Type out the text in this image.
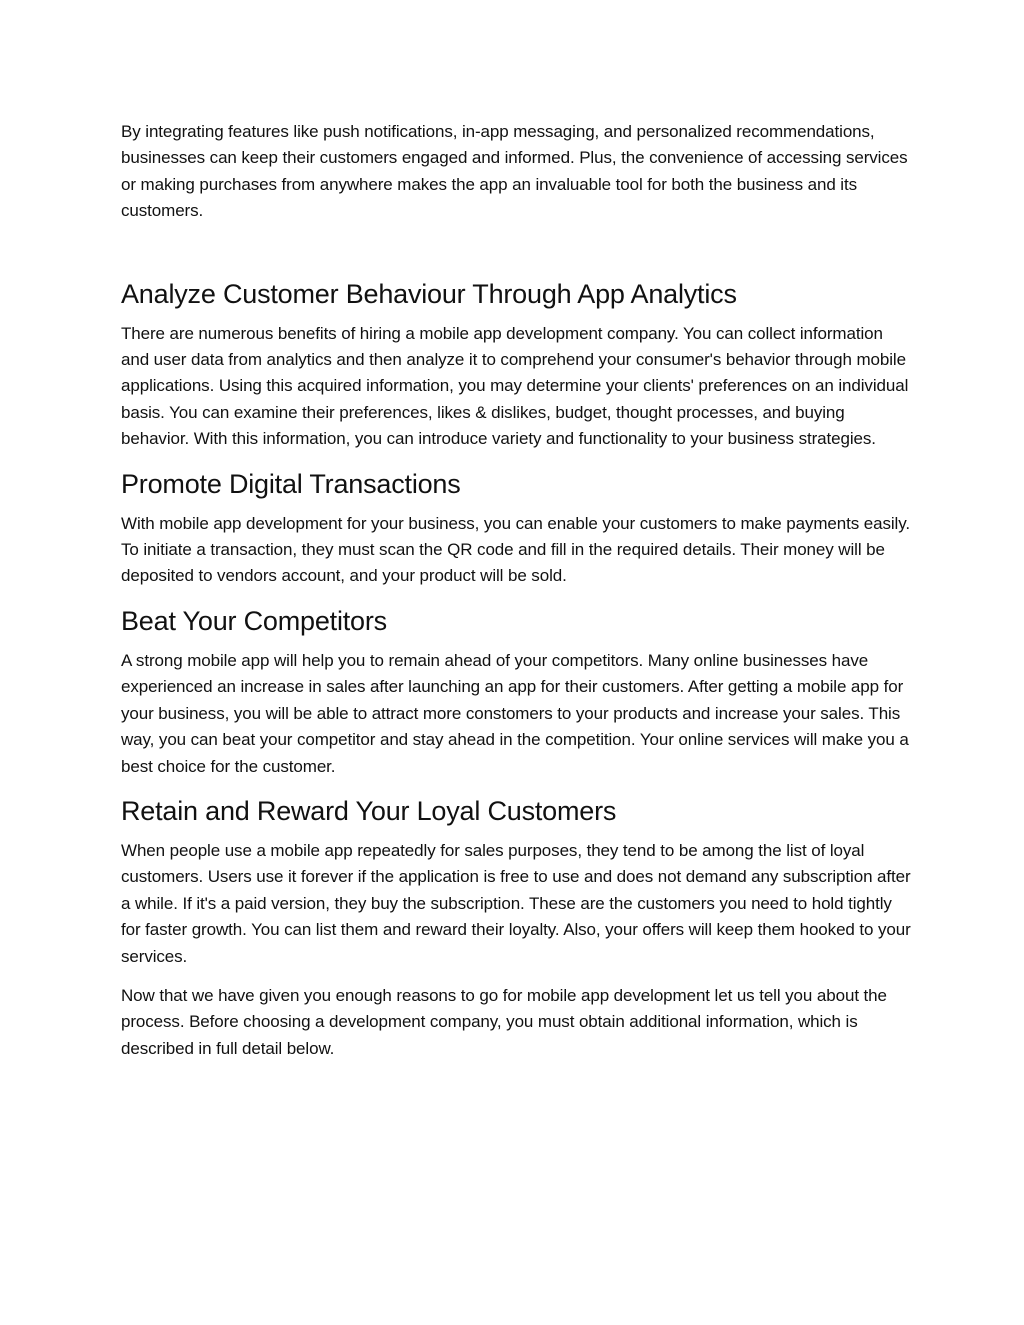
By integrating features like push notifications, in-app messaging, and personalized recommendations, businesses can keep their customers engaged and informed. Plus, the convenience of accessing services or making purchases from anywhere makes the app an invaluable tool for both the business and its customers.

Analyze Customer Behaviour Through App Analytics

There are numerous benefits of hiring a mobile app development company. You can collect information and user data from analytics and then analyze it to comprehend your consumer's behavior through mobile applications. Using this acquired information, you may determine your clients' preferences on an individual basis. You can examine their preferences, likes & dislikes, budget, thought processes, and buying behavior. With this information, you can introduce variety and functionality to your business strategies.

Promote Digital Transactions

With mobile app development for your business, you can enable your customers to make payments easily. To initiate a transaction, they must scan the QR code and fill in the required details. Their money will be deposited to vendors account, and your product will be sold.

Beat Your Competitors

A strong mobile app will help you to remain ahead of your competitors. Many online businesses have experienced an increase in sales after launching an app for their customers. After getting a mobile app for your business, you will be able to attract more constomers to your products and increase your sales. This way, you can beat your competitor and stay ahead in the competition. Your online services will make you a best choice for the customer.

Retain and Reward Your Loyal Customers

When people use a mobile app repeatedly for sales purposes, they tend to be among the list of loyal customers. Users use it forever if the application is free to use and does not demand any subscription after a while. If it's a paid version, they buy the subscription. These are the customers you need to hold tightly for faster growth. You can list them and reward their loyalty. Also, your offers will keep them hooked to your services.

Now that we have given you enough reasons to go for mobile app development let us tell you about the process. Before choosing a development company, you must obtain additional information, which is described in full detail below.
